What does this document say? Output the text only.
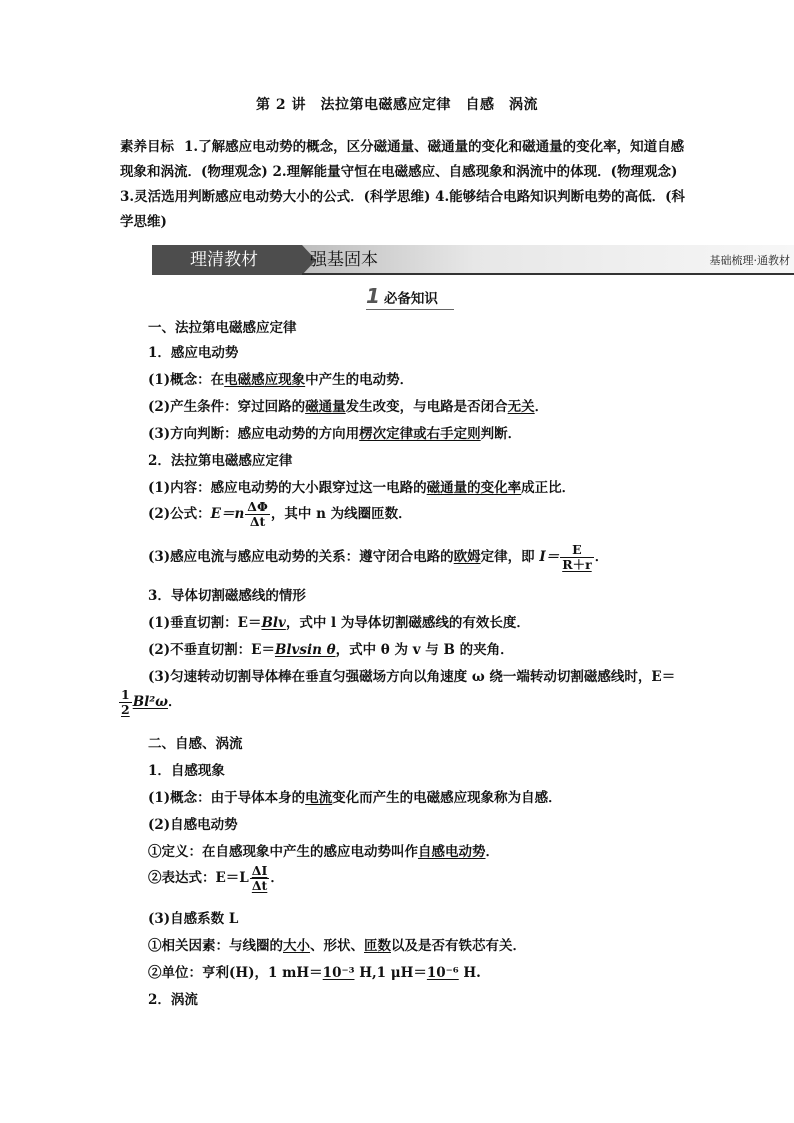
第 2 讲　法拉第电磁感应定律　自感　涡流
素养目标 1.了解感应电动势的概念，区分磁通量、磁通量的变化和磁通量的变化率，知道自感现象和涡流．(物理观念) 2.理解能量守恒在电磁感应、自感现象和涡流中的体现．(物理观念) 3.灵活选用判断感应电动势大小的公式．(科学思维) 4.能够结合电路知识判断电势的高低．(科学思维)
理清教材	强基固本	基础梳理·通教材
1 必备知识
一、法拉第电磁感应定律
1．感应电动势
(1)概念：在电磁感应现象中产生的电动势．
(2)产生条件：穿过回路的磁通量发生改变，与电路是否闭合无关．
(3)方向判断：感应电动势的方向用楞次定律或右手定则判断．
2．法拉第电磁感应定律
(1)内容：感应电动势的大小跟穿过这一电路的磁通量的变化率成正比．
(2)公式：$E=n \frac{\Delta\Phi}{\Delta t}$ ，其中 n 为线圈匝数．
(3)感应电流与感应电动势的关系：遵守闭合电路的欧姆定律，即 $I= \frac{E}{R+r}$ ．
3．导体切割磁感线的情形
(1)垂直切割：E＝Blv，式中 l 为导体切割磁感线的有效长度．
(2)不垂直切割：E＝Blvsin θ，式中 θ 为 v 与 B 的夹角．
(3)匀速转动切割导体棒在垂直匀强磁场方向以角速度 ω 绕一端转动切割磁感线时，E＝
$\frac{1}{2} Bl^2\omega$．
二、自感、涡流
1．自感现象
(1)概念：由于导体本身的电流变化而产生的电磁感应现象称为自感．
(2)自感电动势
①定义：在自感现象中产生的感应电动势叫作自感电动势．
②表达式：$E=L \frac{\Delta I}{\Delta t}$ ．
(3)自感系数 L
①相关因素：与线圈的大小、形状、匝数以及是否有铁芯有关．
②单位：亨利(H)，1 mH＝10⁻³ H,1 μH＝10⁻⁶ H.
2．涡流
